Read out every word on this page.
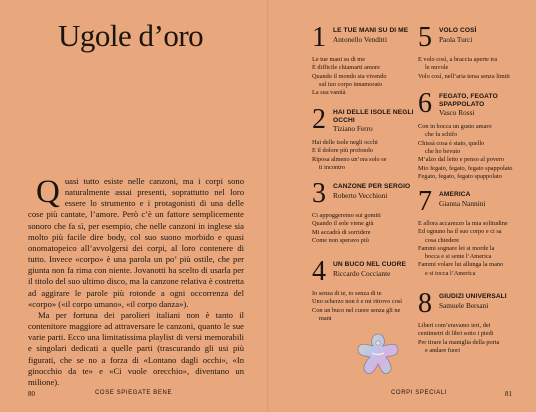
Ugole d’oro

Quasi tutto esiste nelle canzoni, ma i corpi sono naturalmente assai presenti, soprattutto nel loro essere lo strumento e i protagonisti di una delle cose più cantate, l’amore. Però c’è un fattore semplicemente sonoro che fa sì, per esempio, che nelle canzoni in inglese sia molto più facile dire body, col suo suono morbido e quasi onomatopeico all’avvolgersi dei corpi, al loro contenere di tutto. Invece «corpo» è una parola un po’ più ostile, che per giunta non fa rima con niente. Jovanotti ha scelto di usarla per il titolo del suo ultimo disco, ma la canzone relativa è costretta ad aggirare le parole più rotonde a ogni occorrenza del «corpo» («il corpo umano», «il corpo danza»).

Ma per fortuna dei parolieri italiani non è tanto il contenitore maggiore ad attraversare le canzoni, quanto le sue varie parti. Ecco una limitatissima playlist di versi memorabili e singolari dedicati a quelle parti (trascurando gli usi più figurati, che se no a forza di «Lontano dagli occhi», «In ginocchio da te» e «Ci vuole orecchio», diventano un milione).

80	COSE SPIEGATE BENE
1	LE TUE MANI SU DI ME
Antonello Venditti
Le tue mani su di me
È difficile chiamarti amore
Quando il mondo sta vivendo
sul tuo corpo innamorato
La sua vanità
2	HAI DELLE ISOLE NEGLI OCCHI
Tiziano Ferro
Hai delle isole negli occhi
E il dolore più profondo
Riposa almeno un’ora solo se
ti incontro
3	CANZONE PER SERGIO
Roberto Vecchioni
Ci appoggeremo sui gomiti
Quando il sole viene giù
Mi accadrà di sorridere
Come non speravo più
4	UN BUCO NEL CUORE
Riccardo Cocciante
Io senza di te, io senza di te
Uno scherzo non è e mi ritrovo così
Con un buco nel cuore senza gli ne
mani
5	VOLO COSÌ
Paola Turci
E volo così, a braccia aperte tra
le nuvole
Volo così, nell’aria tersa senza limiti
6	FEGATO, FEGATO SPAPPOLATO
Vasco Rossi
Con in bocca un gusto amaro
che fa schifo
Chissà cosa è stato, quello
che ho bevuto
M’alzo dal letto e penso al povero
Mio fegato, fegato, fegato spappolato
Fegato, fegato, fegato spappolato
7	AMERICA
Gianna Nannini
E allora accarezzo la mia solitudine
Ed ognuno ha il suo corpo e ci sa
cosa chiedere
Fammi sognare lei si morde la
bocca e si sente l’America
Fammi volare lui allunga la mano
e si tocca l’America
8	GIUDIZI UNIVERSALI
Samuele Bersani
Liberi com’eravamo ieri, dei
centimetri di libri sotto i piedi
Per tirare la maniglia della porta
e andare fuori
CORPI SPECIALI	81
